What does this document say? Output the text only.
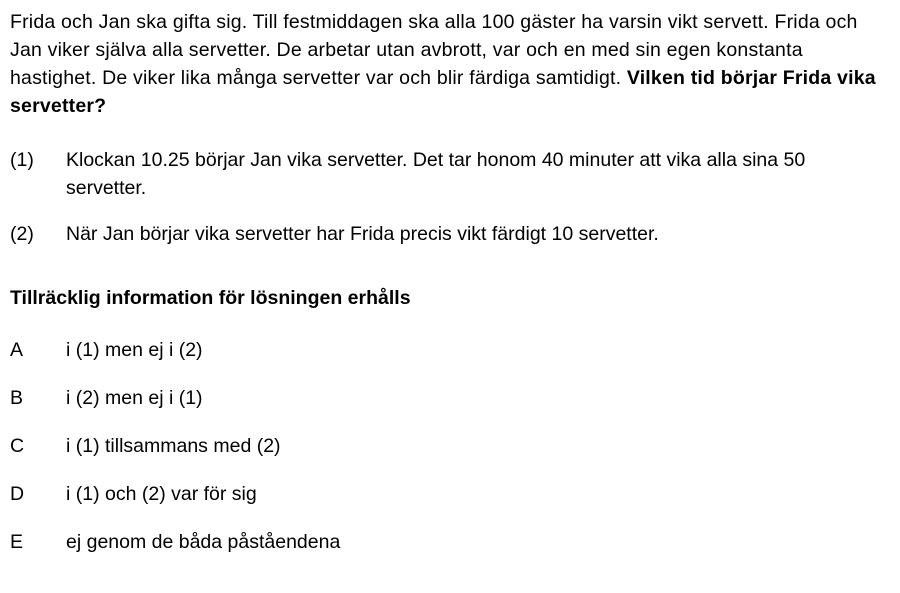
Frida och Jan ska gifta sig. Till festmiddagen ska alla 100 gäster ha varsin vikt servett. Frida och Jan viker själva alla servetter. De arbetar utan avbrott, var och en med sin egen konstanta hastighet. De viker lika många servetter var och blir färdiga samtidigt. Vilken tid börjar Frida vika servetter?
(1)	Klockan 10.25 börjar Jan vika servetter. Det tar honom 40 minuter att vika alla sina 50 servetter.
(2)	När Jan börjar vika servetter har Frida precis vikt färdigt 10 servetter.
Tillräcklig information för lösningen erhålls
A	i (1) men ej i (2)
B	i (2) men ej i (1)
C	i (1) tillsammans med (2)
D	i (1) och (2) var för sig
E	ej genom de båda påståendena
